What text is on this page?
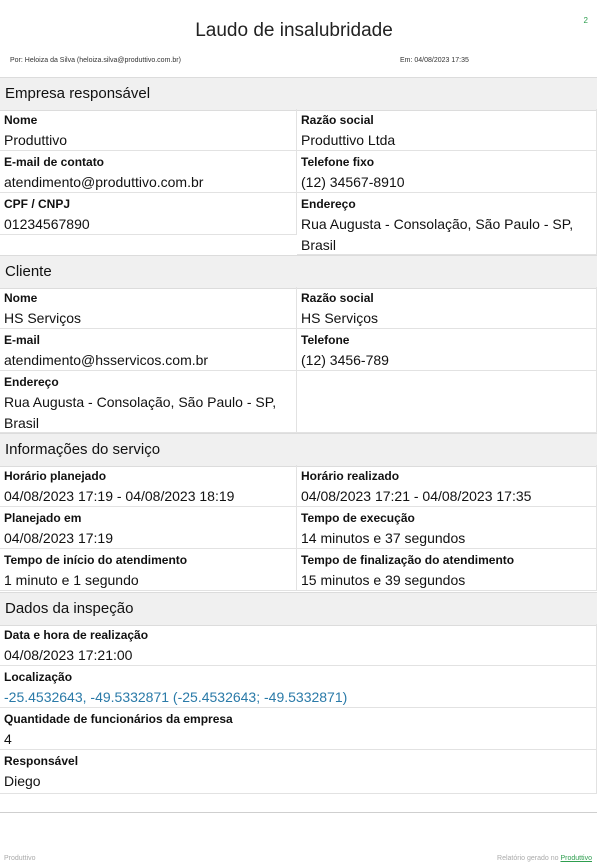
2
Laudo de insalubridade
Por: Heloiza da Silva (heloiza.silva@produttivo.com.br)	Em: 04/08/2023 17:35
Empresa responsável
Nome
Produttivo
Razão social
Produttivo Ltda
E-mail de contato
atendimento@produttivo.com.br
Telefone fixo
(12) 34567-8910
CPF / CNPJ
01234567890
Endereço
Rua Augusta - Consolação, São Paulo - SP, Brasil
Cliente
Nome
HS Serviços
Razão social
HS Serviços
E-mail
atendimento@hsservicos.com.br
Telefone
(12) 3456-789
Endereço
Rua Augusta - Consolação, São Paulo - SP, Brasil
Informações do serviço
Horário planejado
04/08/2023 17:19 - 04/08/2023 18:19
Horário realizado
04/08/2023 17:21 - 04/08/2023 17:35
Planejado em
04/08/2023 17:19
Tempo de execução
14 minutos e 37 segundos
Tempo de início do atendimento
1 minuto e 1 segundo
Tempo de finalização do atendimento
15 minutos e 39 segundos
Dados da inspeção
Data e hora de realização
04/08/2023 17:21:00
Localização
-25.4532643, -49.5332871 (-25.4532643; -49.5332871)
Quantidade de funcionários da empresa
4
Responsável
Diego
Produttivo	Relatório gerado no Produttivo
